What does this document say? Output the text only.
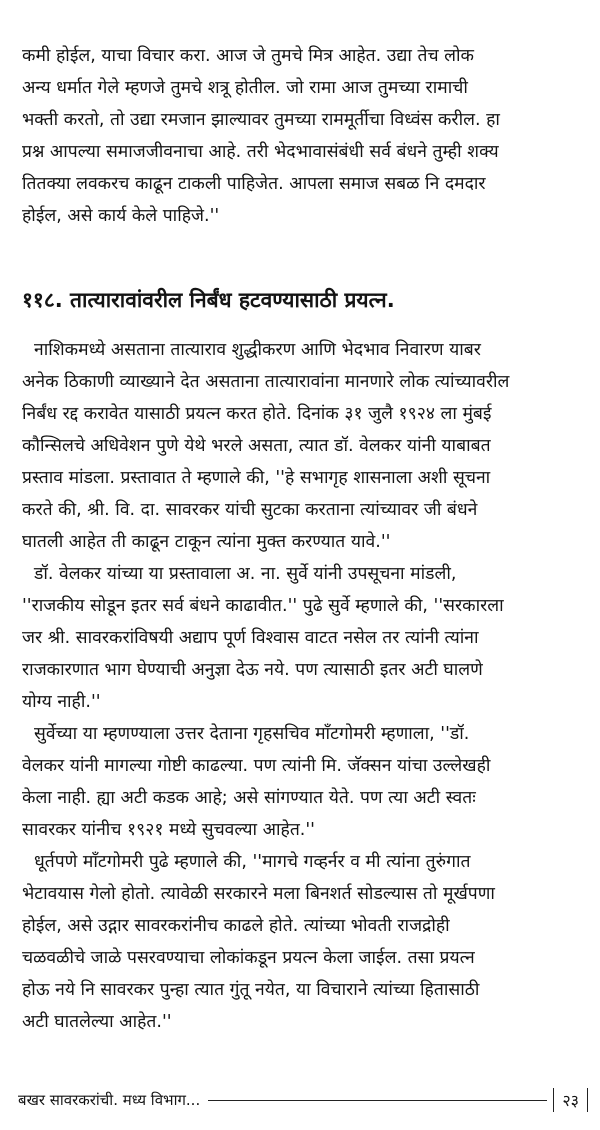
कमी होईल, याचा विचार करा. आज जे तुमचे मित्र आहेत. उद्या तेच लोक
अन्य धर्मात गेले म्हणजे तुमचे शत्रू होतील. जो रामा आज तुमच्या रामाची
भक्ती करतो, तो उद्या रमजान झाल्यावर तुमच्या राममूर्तीचा विध्वंस करील. हा
प्रश्न आपल्या समाजजीवनाचा आहे. तरी भेदभावासंबंधी सर्व बंधने तुम्ही शक्य
तितक्या लवकरच काढून टाकली पाहिजेत. आपला समाज सबळ नि दमदार
होईल, असे कार्य केले पाहिजे.''
११८. तात्यारावांवरील निर्बंध हटवण्यासाठी प्रयत्न.
नाशिकमध्ये असताना तात्याराव शुद्धीकरण आणि भेदभाव निवारण याबर
अनेक ठिकाणी व्याख्याने देत असताना तात्यारावांना मानणारे लोक त्यांच्यावरील
निर्बंध रद्द करावेत यासाठी प्रयत्न करत होते. दिनांक ३१ जुलै १९२४ ला मुंबई
कौन्सिलचे अधिवेशन पुणे येथे भरले असता, त्यात डॉ. वेलकर यांनी याबाबत
प्रस्ताव मांडला. प्रस्तावात ते म्हणाले की, ''हे सभागृह शासनाला अशी सूचना
करते की, श्री. वि. दा. सावरकर यांची सुटका करताना त्यांच्यावर जी बंधने
घातली आहेत ती काढून टाकून त्यांना मुक्त करण्यात यावे.''
डॉ. वेलकर यांच्या या प्रस्तावाला अ. ना. सुर्वे यांनी उपसूचना मांडली,
''राजकीय सोडून इतर सर्व बंधने काढावीत.'' पुढे सुर्वे म्हणाले की, ''सरकारला
जर श्री. सावरकरांविषयी अद्याप पूर्ण विश्वास वाटत नसेल तर त्यांनी त्यांना
राजकारणात भाग घेण्याची अनुज्ञा देऊ नये. पण त्यासाठी इतर अटी घालणे
योग्य नाही.''
सुर्वेच्या या म्हणण्याला उत्तर देताना गृहसचिव मॉंटगोमरी म्हणाला, ''डॉ.
वेलकर यांनी मागल्या गोष्टी काढल्या. पण त्यांनी मि. जॅक्सन यांचा उल्लेखही
केला नाही. ह्या अटी कडक आहे; असे सांगण्यात येते. पण त्या अटी स्वतः
सावरकर यांनीच १९२१ मध्ये सुचवल्या आहेत.''
धूर्तपणे मॉंटगोमरी पुढे म्हणाले की, ''मागचे गव्हर्नर व मी त्यांना तुरुंगात
भेटावयास गेलो होतो. त्यावेळी सरकारने मला बिनशर्त सोडल्यास तो मूर्खपणा
होईल, असे उद्गार सावरकरांनीच काढले होते. त्यांच्या भोवती राजद्रोही
चळवळीचे जाळे पसरवण्याचा लोकांकडून प्रयत्न केला जाईल. तसा प्रयत्न
होऊ नये नि सावरकर पुन्हा त्यात गुंतू नयेत, या विचाराने त्यांच्या हितासाठी
अटी घातलेल्या आहेत.''
बखर सावरकरांची. मध्य विभाग...	२३
